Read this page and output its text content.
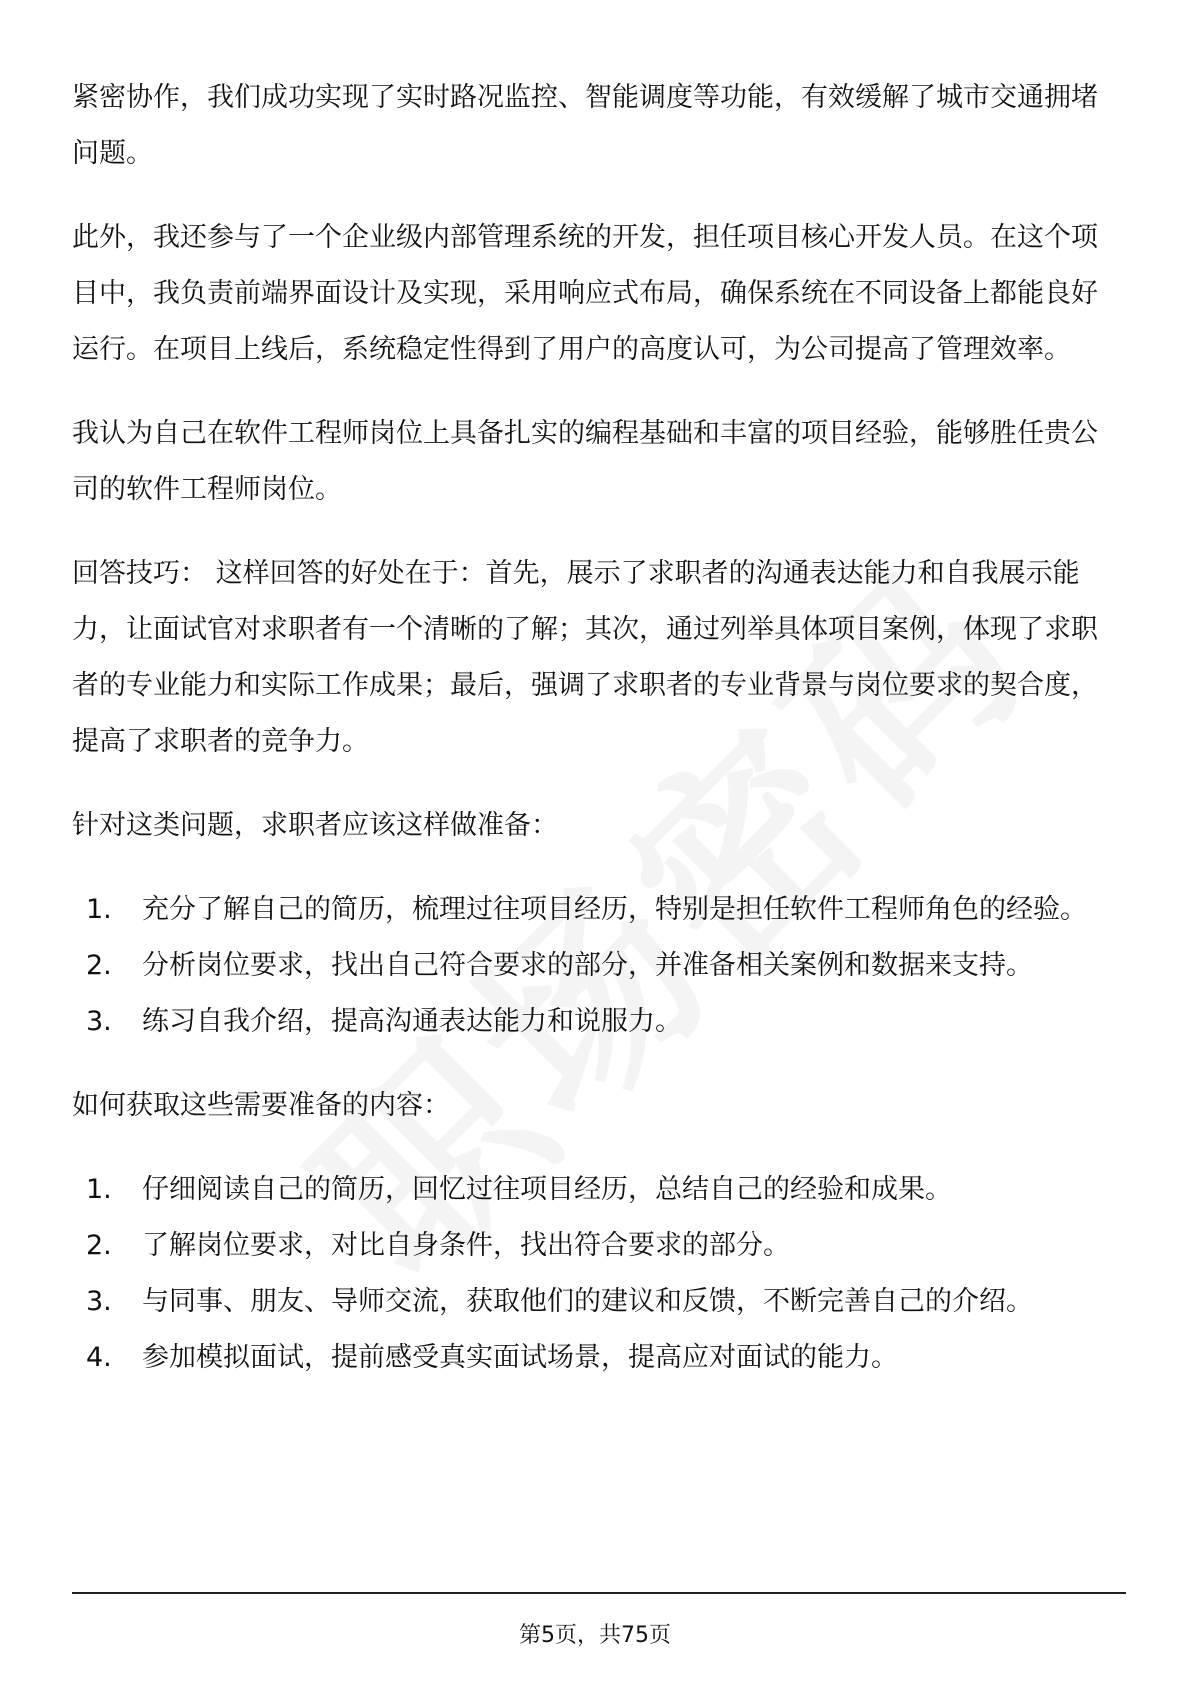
紧密协作，我们成功实现了实时路况监控、智能调度等功能，有效缓解了城市交通拥堵问题。

此外，我还参与了一个企业级内部管理系统的开发，担任项目核心开发人员。在这个项目中，我负责前端界面设计及实现，采用响应式布局，确保系统在不同设备上都能良好运行。在项目上线后，系统稳定性得到了用户的高度认可，为公司提高了管理效率。

我认为自己在软件工程师岗位上具备扎实的编程基础和丰富的项目经验，能够胜任贵公司的软件工程师岗位。

回答技巧： 这样回答的好处在于：首先，展示了求职者的沟通表达能力和自我展示能力，让面试官对求职者有一个清晰的了解；其次，通过列举具体项目案例，体现了求职者的专业能力和实际工作成果；最后，强调了求职者的专业背景与岗位要求的契合度，提高了求职者的竞争力。

针对这类问题，求职者应该这样做准备：

1.	充分了解自己的简历，梳理过往项目经历，特别是担任软件工程师角色的经验。
2.	分析岗位要求，找出自己符合要求的部分，并准备相关案例和数据来支持。
3.	练习自我介绍，提高沟通表达能力和说服力。

如何获取这些需要准备的内容：

1.	仔细阅读自己的简历，回忆过往项目经历，总结自己的经验和成果。
2.	了解岗位要求，对比自身条件，找出符合要求的部分。
3.	与同事、朋友、导师交流，获取他们的建议和反馈，不断完善自己的介绍。
4.	参加模拟面试，提前感受真实面试场景，提高应对面试的能力。
第5页，共75页
